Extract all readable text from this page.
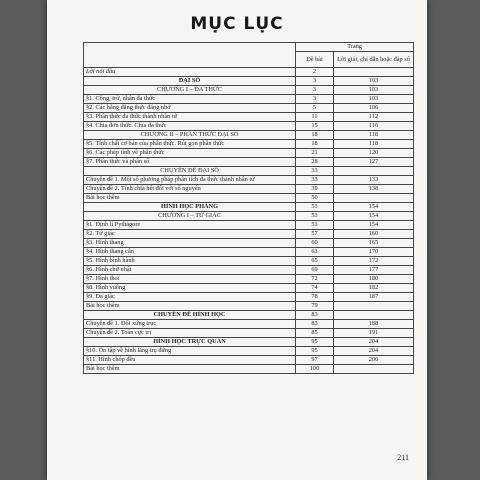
MỤC LỤC
	Trang	
	Đề bài	Lời giải, chỉ dẫn hoặc đáp số
Lời nói đầu	2	
ĐẠI SỐ	3	103
CHƯƠNG I – ĐA THỨC	3	103
§1. Cộng, trừ, nhân đa thức	3	103
§2. Các hằng đẳng thức đáng nhớ	5	106
§3. Phân thức đa thức thành nhân tử	11	112
§4. Chia đơn thức. Chia đa thức	15	116
CHƯƠNG II – PHÂN THỨC ĐẠI SỐ	18	118
§5. Tính chất cơ bản của phân thức. Rút gọn phân thức	18	118
§6. Các phép tính về phân thức	21	120
§7. Phân thức và phân số	28	127
CHUYÊN ĐỀ ĐẠI SỐ	33	
Chuyên đề 1. Một số phương pháp phân tích đa thức thành nhân tử	33	133
Chuyên đề 2. Tính chia hết đối với số nguyên	39	138
Bài học thêm	50	
HÌNH HỌC PHẲNG	53	154
CHƯƠNG I – TỨ GIÁC	53	154
§1. Định lí Pythagore	53	154
§2. Tứ giác	57	160
§3. Hình thang	60	165
§4. Hình thang cân	63	170
§5. Hình bình hành	65	172
§6. Hình chữ nhật	69	177
§7. Hình thoi	72	180
§8. Hình vuông	74	182
§9. Đa giác	78	187
Bài học thêm	79	
CHUYÊN ĐỀ HÌNH HỌC	83	
Chuyên đề 1. Đối xứng trục	83	188
Chuyên đề 2. Toán cực trị	85	191
HÌNH HỌC TRỰC QUAN	95	204
§10. Ôn tập về hình lăng trụ đứng	95	204
§11. Hình chóp đều	97	206
Bài học thêm	100	
211
